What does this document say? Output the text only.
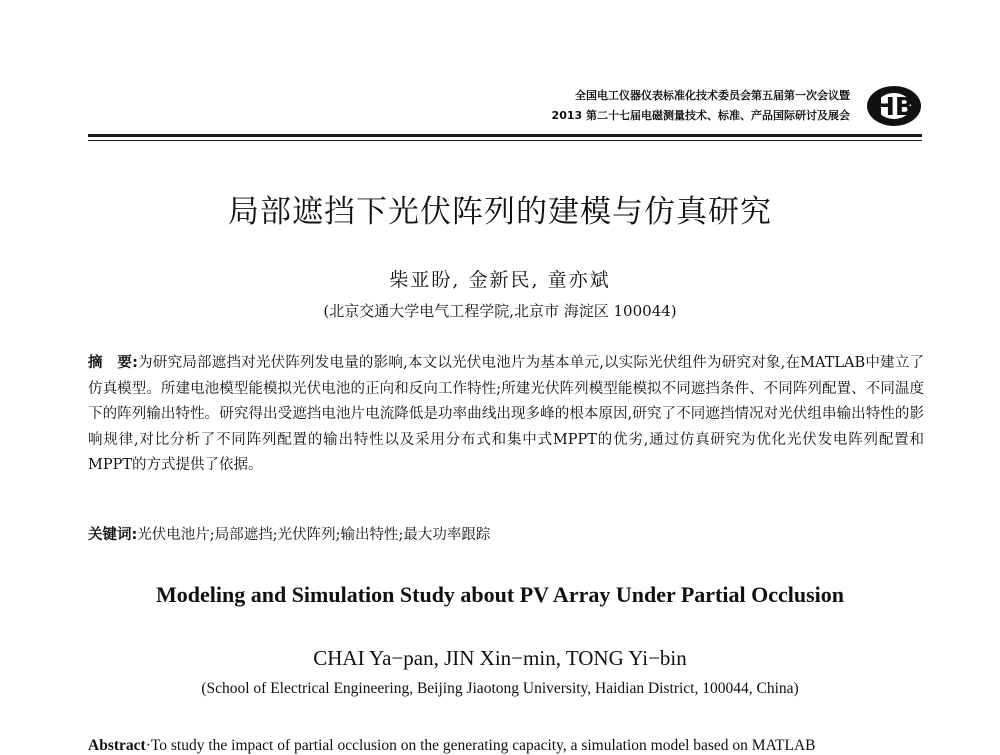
全国电工仪器仪表标准化技术委员会第五届第一次会议暨
2013 第二十七届电磁测量技术、标准、产品国际研讨及展会 HB
局部遮挡下光伏阵列的建模与仿真研究
柴亚盼, 金新民, 童亦斌
(北京交通大学电气工程学院,北京市 海淀区 100044)
摘　要:为研究局部遮挡对光伏阵列发电量的影响,本文以光伏电池片为基本单元,以实际光伏组件为研究对象,在MATLAB中建立了仿真模型。所建电池模型能模拟光伏电池的正向和反向工作特性;所建光伏阵列模型能模拟不同遮挡条件、不同阵列配置、不同温度下的阵列输出特性。研究得出受遮挡电池片电流降低是功率曲线出现多峰的根本原因,研究了不同遮挡情况对光伏组串输出特性的影响规律,对比分析了不同阵列配置的输出特性以及采用分布式和集中式MPPT的优劣,通过仿真研究为优化光伏发电阵列配置和MPPT的方式提供了依据。
关键词:光伏电池片;局部遮挡;光伏阵列;输出特性;最大功率跟踪
Modeling and Simulation Study about PV Array Under Partial Occlusion
CHAI Ya−pan, JIN Xin−min, TONG Yi−bin
(School of Electrical Engineering, Beijing Jiaotong University, Haidian District, 100044, China)
Abstract·To study the impact of partial occlusion on the generating capacity, a simulation model based on MATLAB
